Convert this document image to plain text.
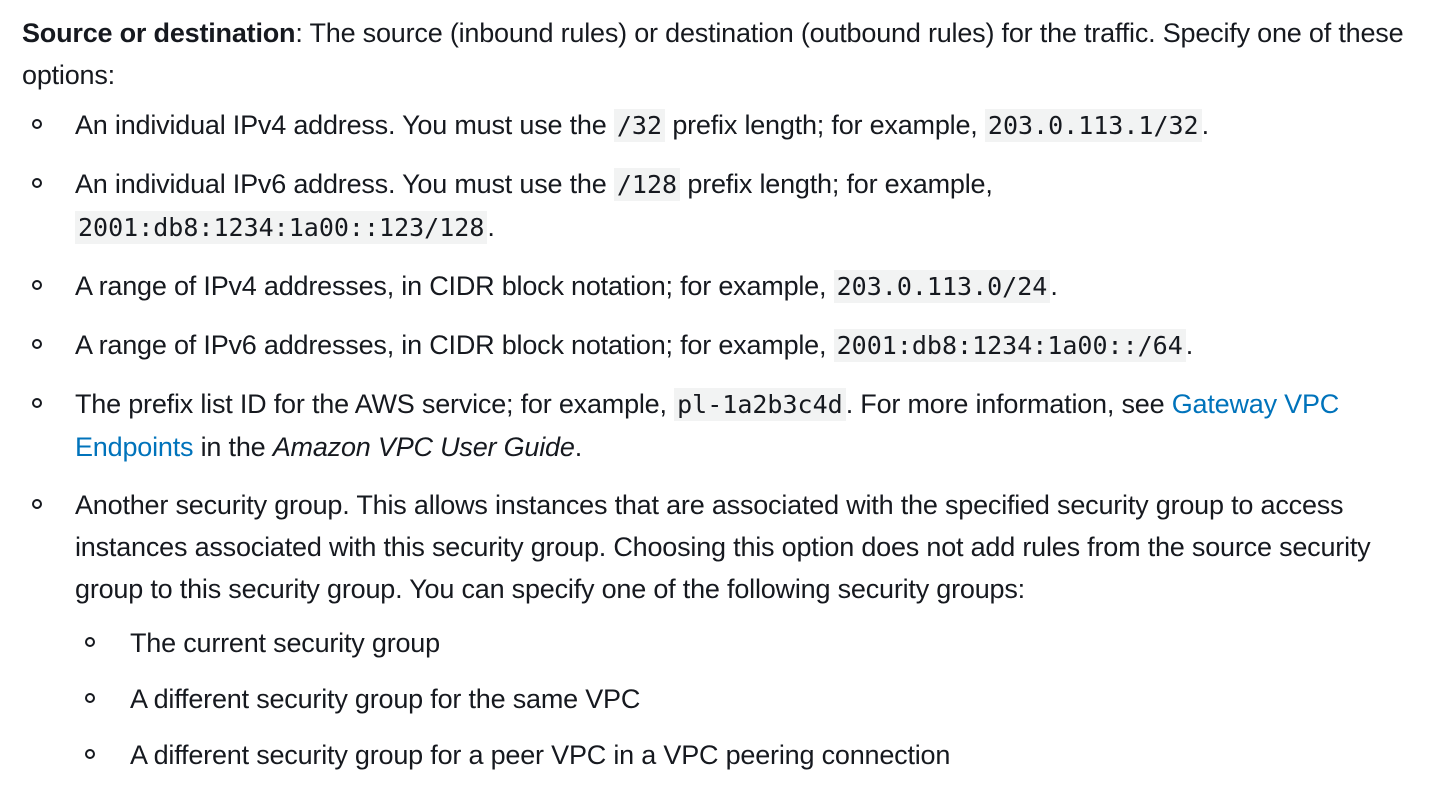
Source or destination: The source (inbound rules) or destination (outbound rules) for the traffic. Specify one of these options:

An individual IPv4 address. You must use the /32 prefix length; for example, 203.0.113.1/32 .
An individual IPv6 address. You must use the /128 prefix length; for example, 2001:db8:1234:1a00::123/128 .
A range of IPv4 addresses, in CIDR block notation; for example, 203.0.113.0/24 .
A range of IPv6 addresses, in CIDR block notation; for example, 2001:db8:1234:1a00::/64 .
The prefix list ID for the AWS service; for example, pl-1a2b3c4d . For more information, see Gateway VPC Endpoints in the Amazon VPC User Guide.
Another security group. This allows instances that are associated with the specified security group to access instances associated with this security group. Choosing this option does not add rules from the source security group to this security group. You can specify one of the following security groups:
The current security group
A different security group for the same VPC
A different security group for a peer VPC in a VPC peering connection
